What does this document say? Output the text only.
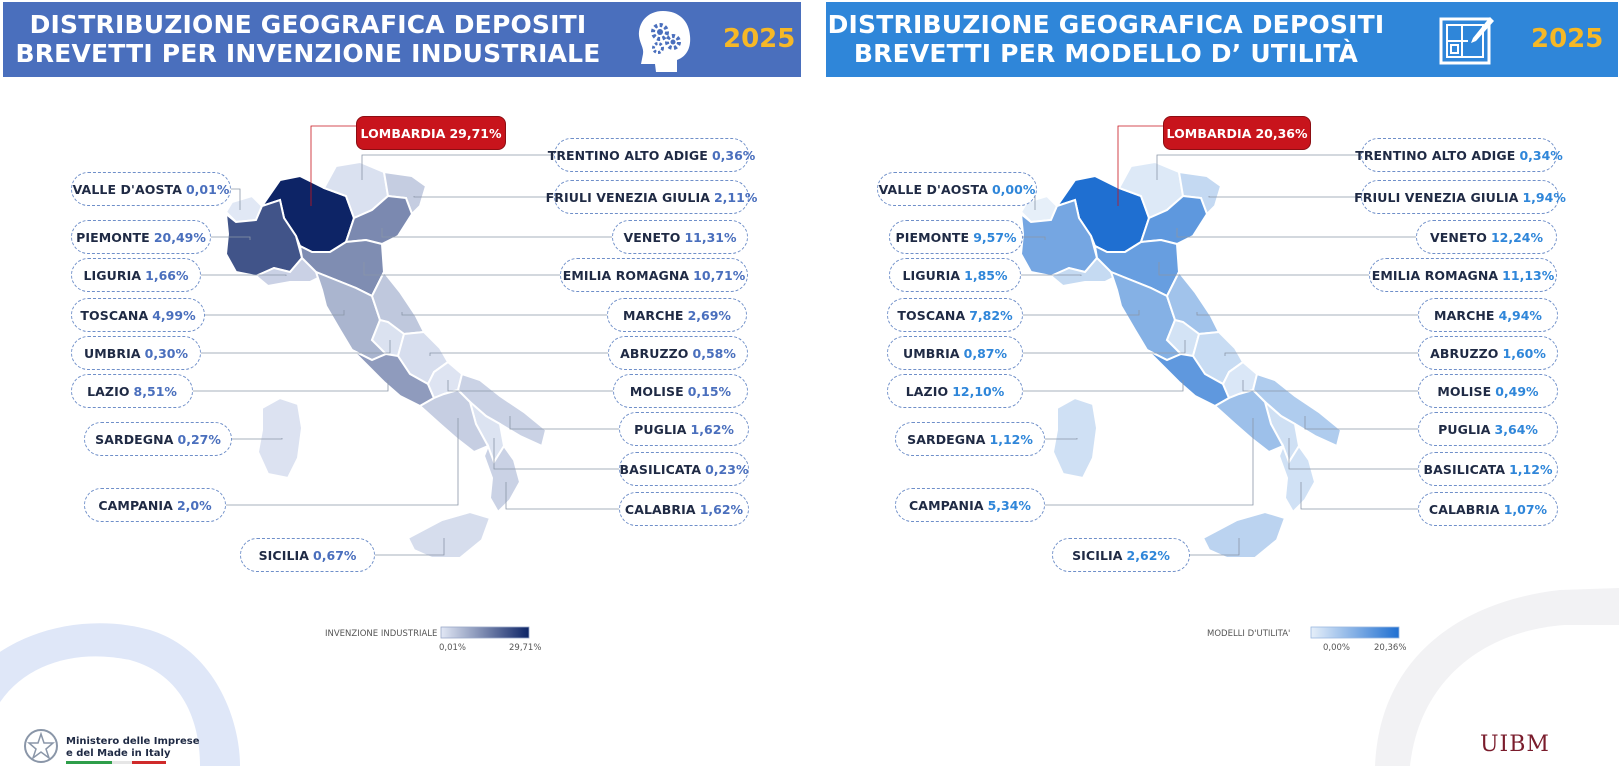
DISTRIBUZIONE GEOGRAFICA DEPOSITI
BREVETTI PER INVENZIONE INDUSTRIALE	2025 DISTRIBUZIONE GEOGRAFICA DEPOSITI
BREVETTI PER MODELLO D’ UTILITÀ	2025
INVENZIONE INDUSTRIALE
0,01%	29,71%
MODELLI D'UTILITA'
0,00%	20,36%
LOMBARDIA 29,71%
TRENTINO ALTO ADIGE 0,36%
VALLE D'AOSTA 0,01%
FRIULI VENEZIA GIULIA 2,11%
PIEMONTE 20,49%	VENETO 11,31%
LIGURIA 1,66%	EMILIA ROMAGNA 10,71%
TOSCANA 4,99%	MARCHE 2,69%
UMBRIA 0,30%	ABRUZZO 0,58%
LAZIO 8,51%	MOLISE 0,15%
SARDEGNA 0,27%
PUGLIA 1,62%
BASILICATA 0,23%
CAMPANIA 2,0%	CALABRIA 1,62%
SICILIA 0,67%
LOMBARDIA 20,36%
TRENTINO ALTO ADIGE 0,34%
VALLE D'AOSTA 0,00%
FRIULI VENEZIA GIULIA 1,94%
PIEMONTE 9,57%	VENETO 12,24%
LIGURIA 1,85%	EMILIA ROMAGNA 11,13%
TOSCANA 7,82%	MARCHE 4,94%
UMBRIA 0,87%	ABRUZZO 1,60%
LAZIO 12,10%	MOLISE 0,49%
SARDEGNA 1,12%
PUGLIA 3,64%
BASILICATA 1,12%
CAMPANIA 5,34%	CALABRIA 1,07%
SICILIA 2,62%
Ministero delle Imprese
e del Made in Italy	UIBM
